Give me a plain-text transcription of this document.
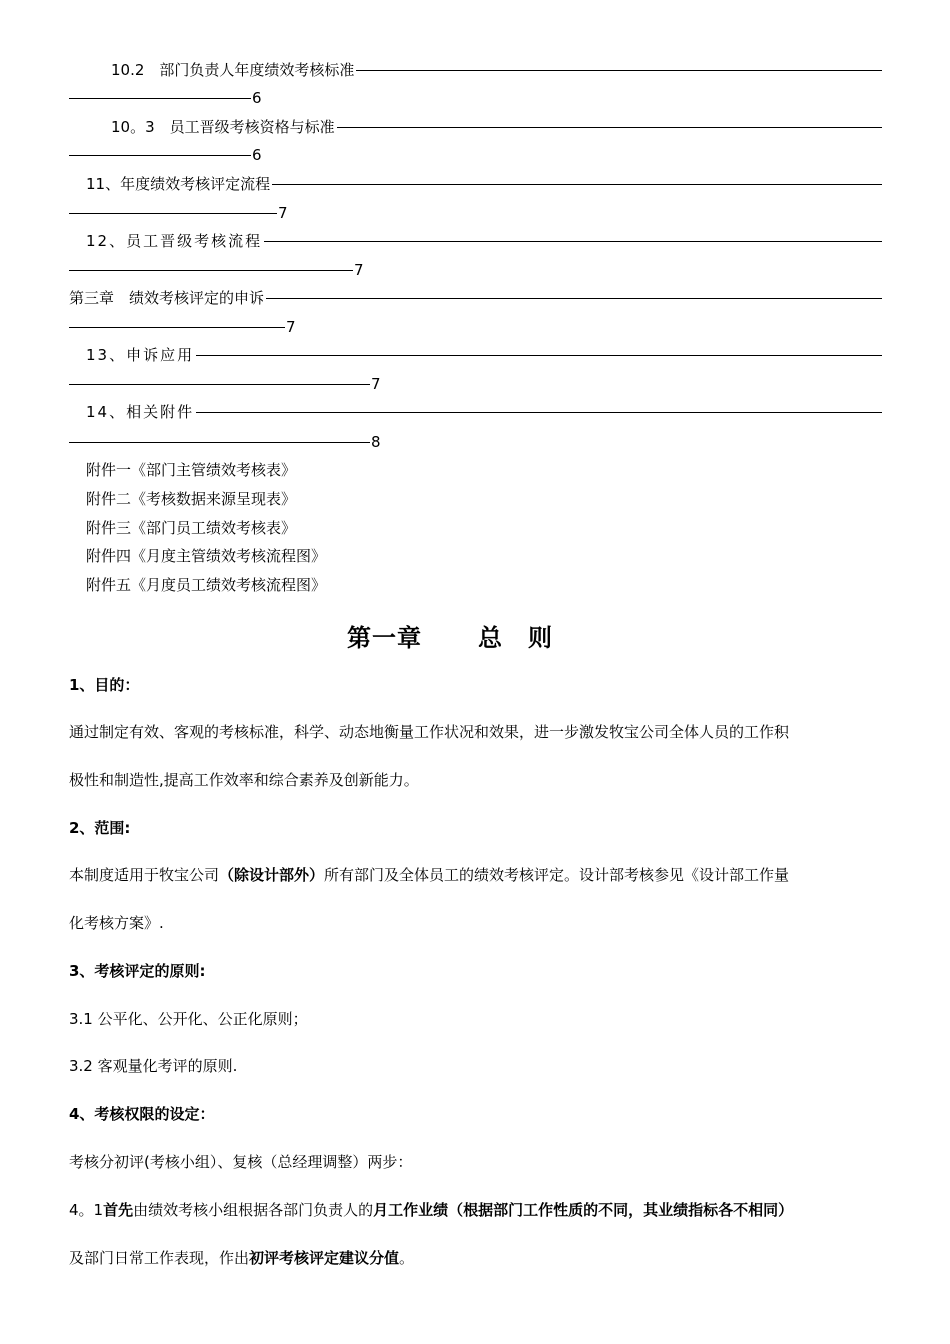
10.2　部门负责人年度绩效考核标准
6
10。3　员工晋级考核资格与标准
6
11、年度绩效考核评定流程
7
12、员工晋级考核流程
7
第三章　绩效考核评定的申诉
7
13、申诉应用
7
14、相关附件
8
附件一《部门主管绩效考核表》
附件二《考核数据来源呈现表》
附件三《部门员工绩效考核表》
附件四《月度主管绩效考核流程图》
附件五《月度员工绩效考核流程图》
第一章 总　则
1、目的：
通过制定有效、客观的考核标准，科学、动态地衡量工作状况和效果，进一步激发牧宝公司全体人员的工作积
极性和制造性,提高工作效率和综合素养及创新能力。
2、范围:
本制度适用于牧宝公司（除设计部外）所有部门及全体员工的绩效考核评定。设计部考核参见《设计部工作量
化考核方案》.
3、考核评定的原则:
3.1 公平化、公开化、公正化原则；
3.2 客观量化考评的原则.
4、考核权限的设定：
考核分初评(考核小组）、复核（总经理调整）两步：
4。1首先由绩效考核小组根据各部门负责人的月工作业绩（根据部门工作性质的不同，其业绩指标各不相同）
及部门日常工作表现，作出初评考核评定建议分值。
